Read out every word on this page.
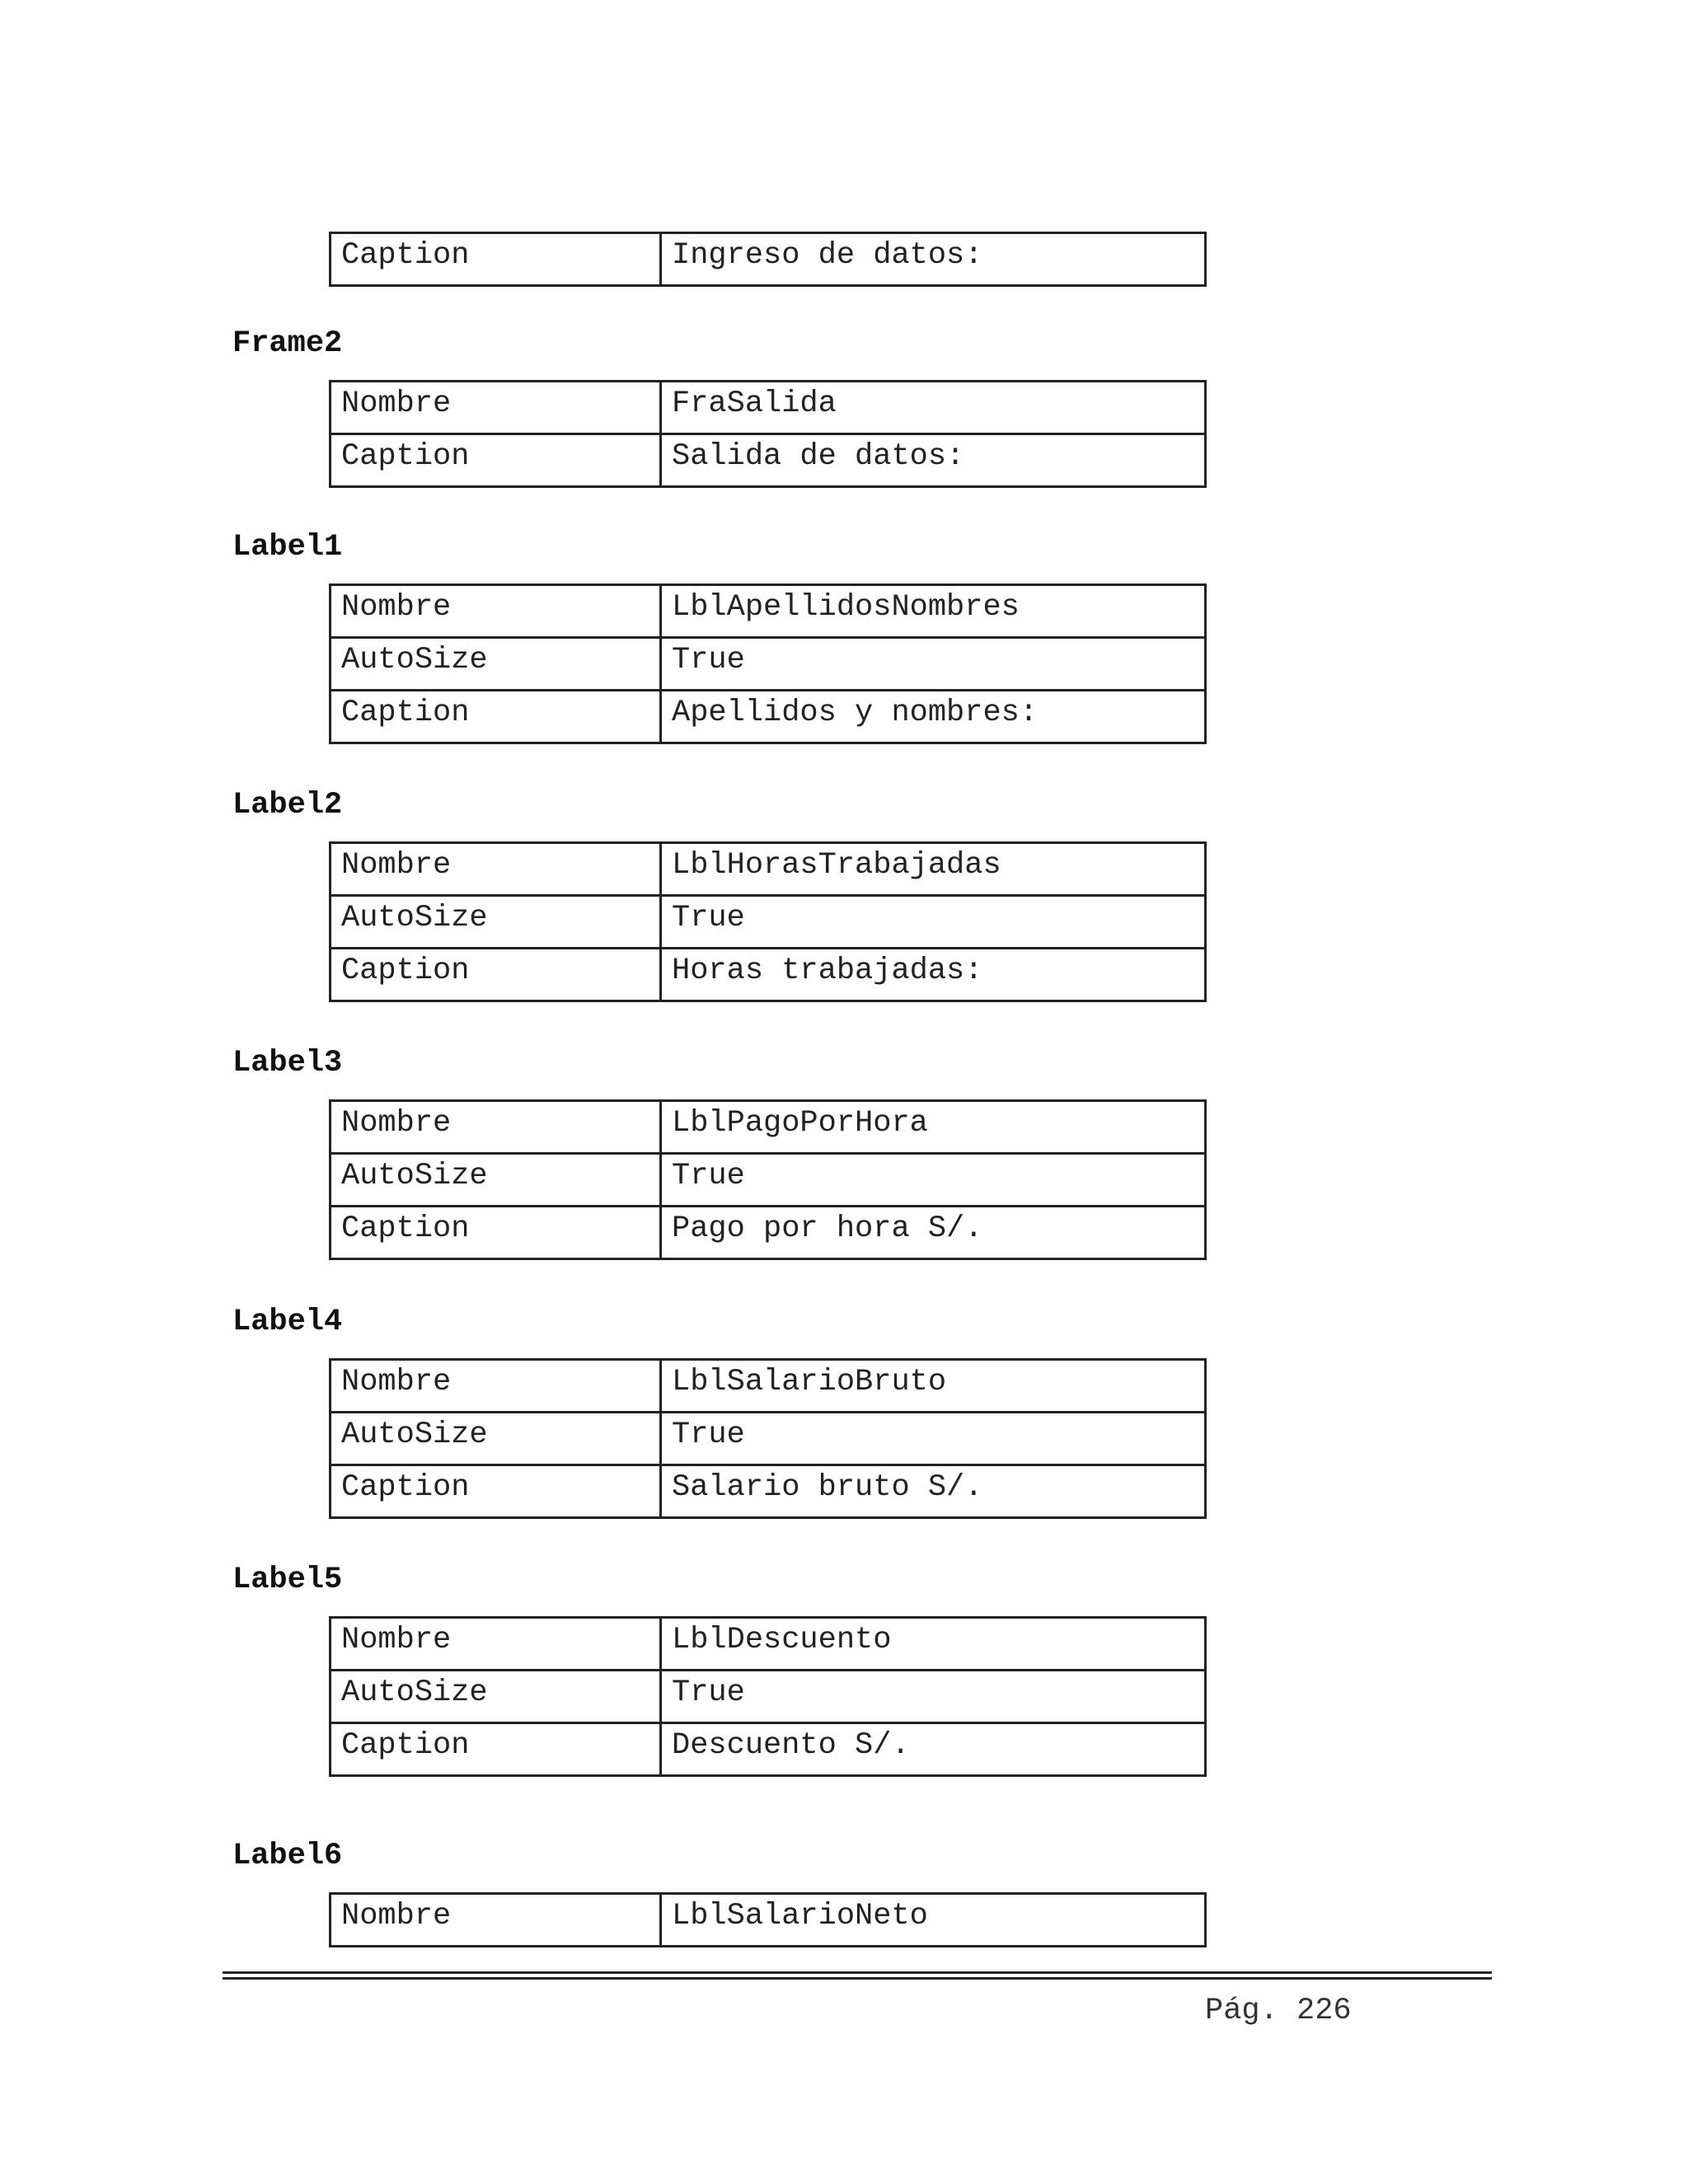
Caption	Ingreso de datos:
Frame2
Nombre	FraSalida

Caption	Salida de datos:
Label1
Nombre	LblApellidosNombres

AutoSize	True

Caption	Apellidos y nombres:
Label2
Nombre	LblHorasTrabajadas

AutoSize	True

Caption	Horas trabajadas:
Label3
Nombre	LblPagoPorHora

AutoSize	True

Caption	Pago por hora S/.
Label4
Nombre	LblSalarioBruto

AutoSize	True

Caption	Salario bruto S/.
Label5
Nombre	LblDescuento

AutoSize	True

Caption	Descuento S/.
Label6
Nombre	LblSalarioNeto
Pág. 226
